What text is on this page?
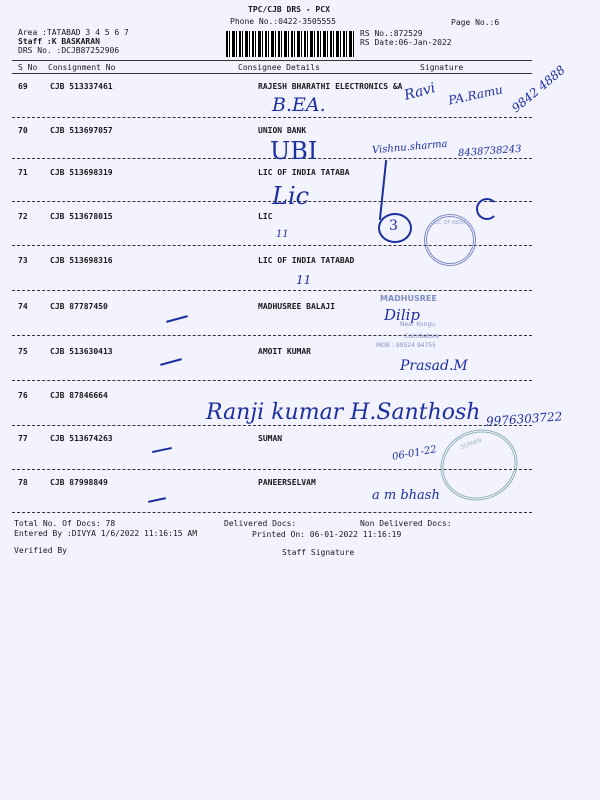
TPC/CJB DRS - PCX
Phone No.:0422-3505555	Page No.:6
Area :TATABAD 3 4 5 6 7
Staff :K BASKARAN
DRS No. :DCJB87252906
RS No.:872529
RS Date:06-Jan-2022
S No Consignment No	Consignee Details	Signature
69	CJB 513337461	RAJESH BHARATHI ELECTRONICS &A
70	CJB 513697057	UNION BANK
71	CJB 513698319	LIC OF INDIA TATABA
72	CJB 513678015	LIC
73	CJB 513698316	LIC OF INDIA TATABAD
74	CJB 87787450	MADHUSREE BALAJI
75	CJB 513630413	AMOIT KUMAR
76	CJB 87846664
77	CJB 513674263	SUMAN
78	CJB 87998849	PANEERSELVAM
MADHUSREE
Near Kongu
Coimbatore
MOB : 99524 94755
LIC OF INDIA
SUMAN
B.EA.
Ravi PA.Ramu 9842 4888
UBI	Vishnu.sharma 8438738243
Lic
3
11
11
Dilip
Prasad.M
Ranji kumar H.Santhosh 9976303722
06-01-22
a m bhash
Total No. Of Docs: 78	Delivered Docs:	Non Delivered Docs:
Entered By :DIVYA 1/6/2022 11:16:15 AM	Printed On: 06-01-2022 11:16:19
Verified By	Staff Signature
